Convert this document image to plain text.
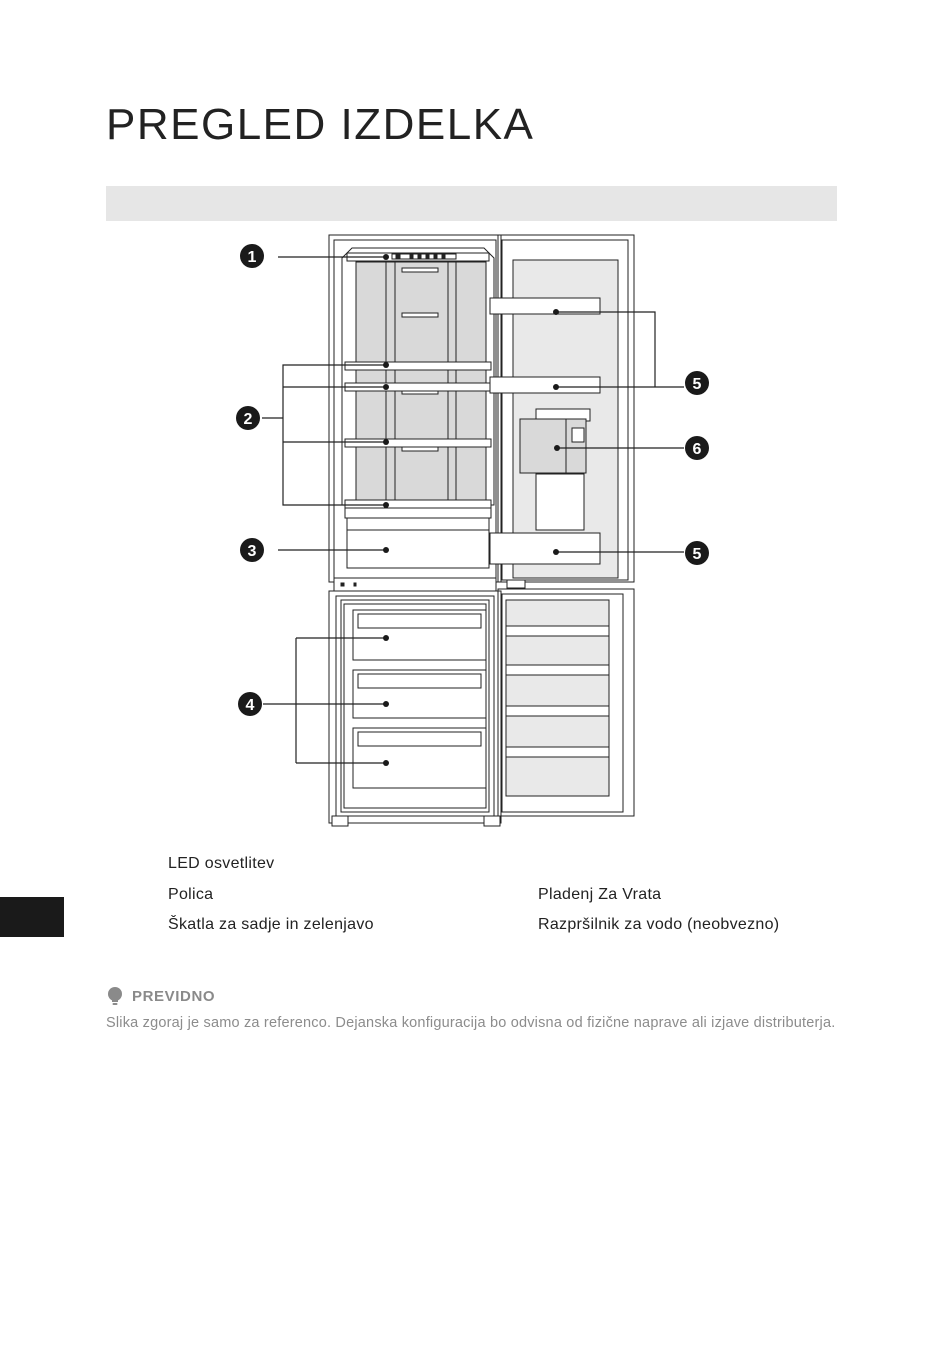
PREGLED IZDELKA
1
2
3
4
5
6
5
LED osvetlitev
Polica
Škatla za sadje in zelenjavo
Pladenj Za Vrata
Razpršilnik za vodo (neobvezno)
PREVIDNO
Slika zgoraj je samo za referenco. Dejanska konfiguracija bo odvisna od fizične naprave ali izjave distributerja.
